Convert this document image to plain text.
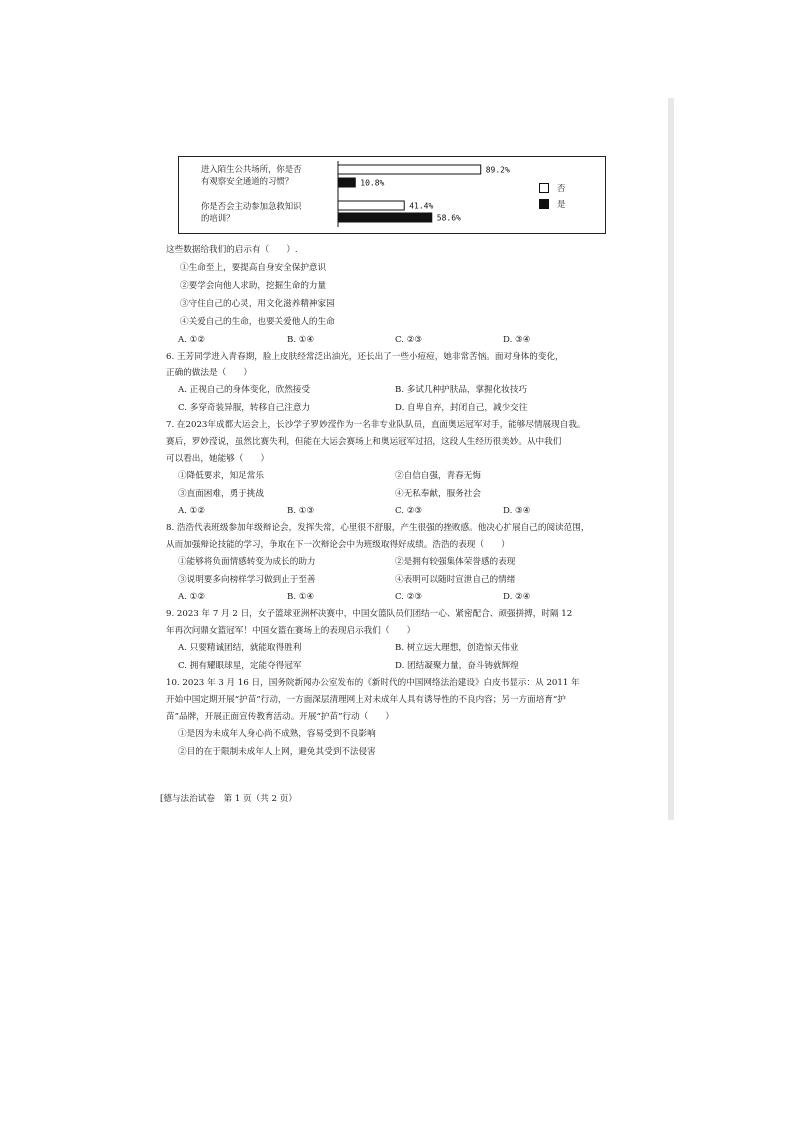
89.2%
41.4%
10.8%
58.6%
进入陌生公共场所，你是否
有观察安全通道的习惯？
你是否会主动参加急救知识
的培训？
否
是
这些数据给我们的启示有（　　）.
①生命至上，要提高自身安全保护意识
②要学会向他人求助，挖掘生命的力量
③守住自己的心灵，用文化滋养精神家园
④关爱自己的生命，也要关爱他人的生命
A. ①②	B. ①④	C. ②③	D. ③④
6. 王芳同学进入青春期，脸上皮肤经常泛出油光，还长出了一些小痘痘，她非常苦恼。面对身体的变化，
正确的做法是（　　）
A. 正视自己的身体变化，欣然接受	B. 多试几种护肤品，掌握化妆技巧
C. 多穿奇装异服，转移自己注意力	D. 自卑自弃，封闭自己，减少交往
7. 在2023年成都大运会上，长沙学子罗妙滢作为一名非专业队队员，直面奥运冠军对手，能够尽情展现自我。
赛后，罗妙滢说，虽然比赛失利，但能在大运会赛场上和奥运冠军过招，这段人生经历很美妙。从中我们
可以看出，她能够（　　）
①降低要求，知足常乐	②自信自强，青春无悔
③直面困难，勇于挑战	④无私奉献，服务社会
A. ①②	B. ①③	C. ②③	D. ③④
8. 浩浩代表班级参加年级辩论会，发挥失常，心里很不舒服，产生很强的挫败感。他决心扩展自己的阅读范围，
从而加强辩论技能的学习，争取在下一次辩论会中为班级取得好成绩。浩浩的表现（　　）
①能够将负面情感转变为成长的助力	②是拥有较强集体荣誉感的表现
③说明要多向榜样学习做到止于至善	④表明可以随时宣泄自己的情绪
A. ①②	B. ①④	C. ②③	D. ②④
9. 2023 年 7 月 2 日，女子篮球亚洲杯决赛中，中国女篮队员们团结一心、紧密配合、顽强拼搏，时隔 12
年再次问鼎女篮冠军！中国女篮在赛场上的表现启示我们（　　）
A. 只要精诚团结，就能取得胜利	B. 树立远大理想，创造惊天伟业
C. 拥有耀眼球星，定能夺得冠军	D. 团结凝聚力量，奋斗铸就辉煌
10. 2023 年 3 月 16 日，国务院新闻办公室发布的《新时代的中国网络法治建设》白皮书显示：从 2011 年
开始中国定期开展“护苗”行动，一方面深层清理网上对未成年人具有诱导性的不良内容；另一方面培育“护
苗”品牌，开展正面宣传教育活动。开展“护苗”行动（　　）
①是因为未成年人身心尚不成熟，容易受到不良影响
②目的在于限制未成年人上网，避免其受到不法侵害
[德与法治试卷　第 1 页（共 2 页）
